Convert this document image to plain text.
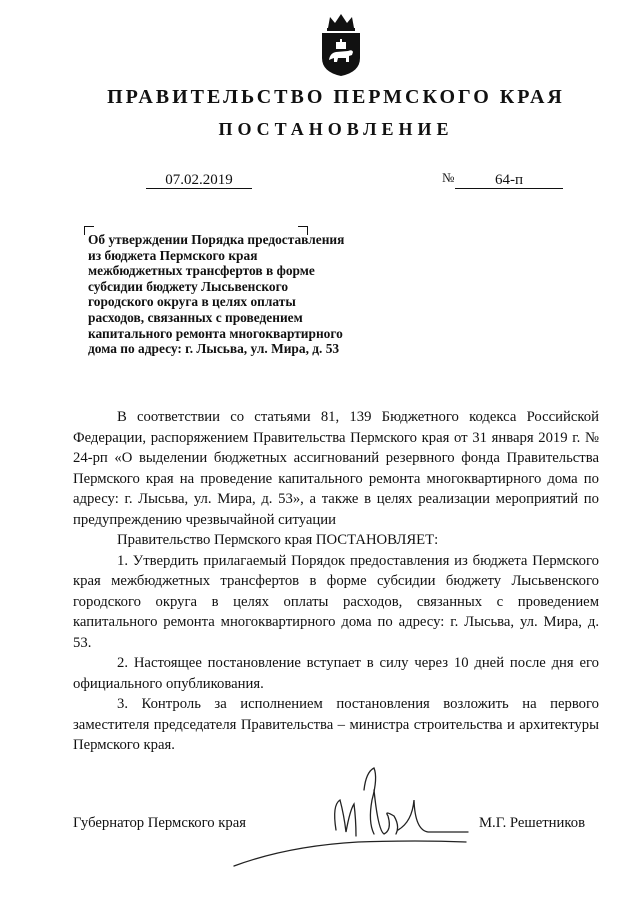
ПРАВИТЕЛЬСТВО ПЕРМСКОГО КРАЯ
ПОСТАНОВЛЕНИЕ
07.02.2019	№	64-п
Об утверждении Порядка предоставления
из бюджета Пермского края
межбюджетных трансфертов в форме
субсидии бюджету Лысьвенского
городского округа в целях оплаты
расходов, связанных с проведением
капитального ремонта многоквартирного
дома по адресу: г. Лысьва, ул. Мира, д. 53

В соответствии со статьями 81, 139 Бюджетного кодекса Российской Федерации, распоряжением Правительства Пермского края от 31 января 2019 г. № 24-рп «О выделении бюджетных ассигнований резервного фонда Правительства Пермского края на проведение капитального ремонта многоквартирного дома по адресу: г. Лысьва, ул. Мира, д. 53», а также в целях реализации мероприятий по предупреждению чрезвычайной ситуации

Правительство Пермского края ПОСТАНОВЛЯЕТ:

1. Утвердить прилагаемый Порядок предоставления из бюджета Пермского края межбюджетных трансфертов в форме субсидии бюджету Лысьвенского городского округа в целях оплаты расходов, связанных с проведением капитального ремонта многоквартирного дома по адресу: г. Лысьва, ул. Мира, д. 53.

2. Настоящее постановление вступает в силу через 10 дней после дня его официального опубликования.

3. Контроль за исполнением постановления возложить на первого заместителя председателя Правительства – министра строительства и архитектуры Пермского края.

Губернатор Пермского края	М.Г. Решетников
